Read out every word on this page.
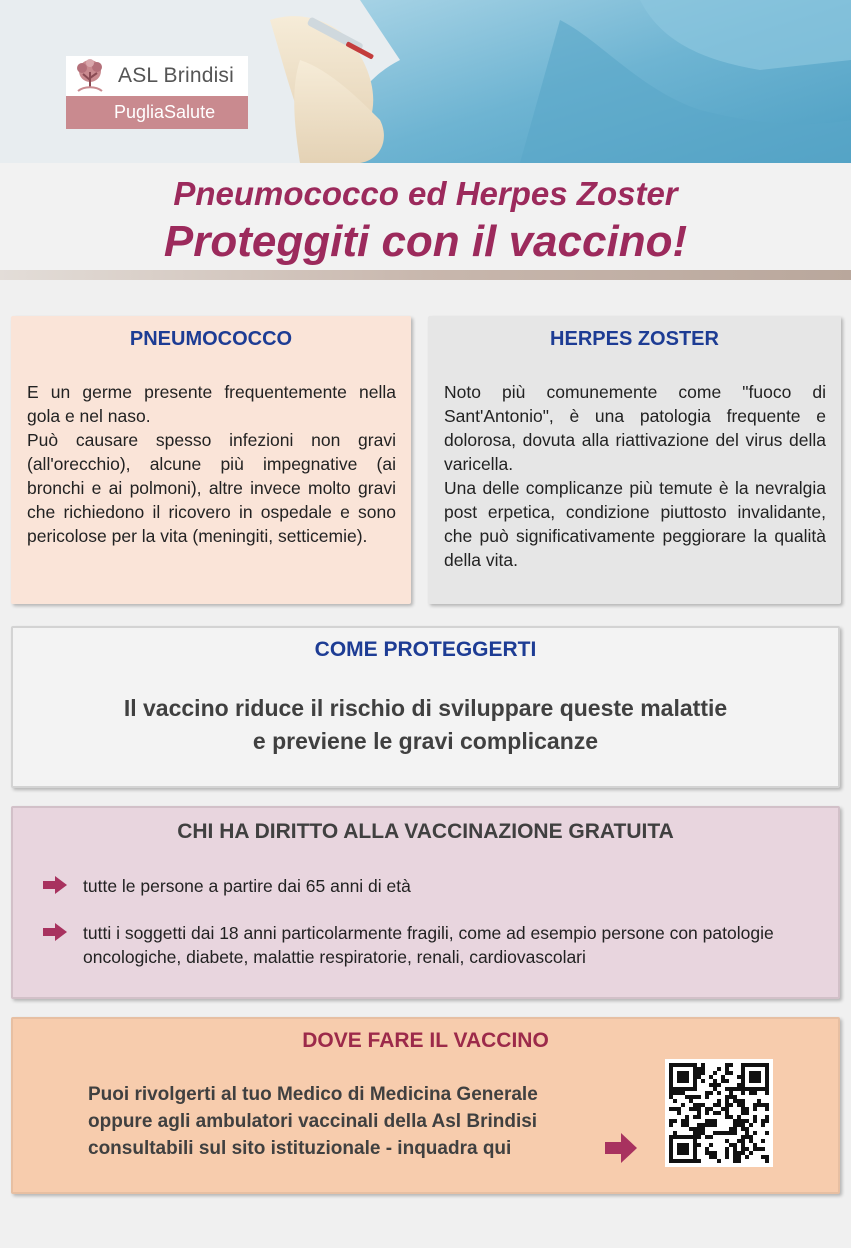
ASL Brindisi
PugliaSalute
Pneumococco ed Herpes Zoster
Proteggiti con il vaccino!
PNEUMOCOCCO
E un germe presente frequentemente nella gola e nel naso.
Può causare spesso infezioni non gravi (all'orecchio), alcune più impegnative (ai bronchi e ai polmoni), altre invece molto gravi che richiedono il ricovero in ospedale e sono pericolose per la vita (meningiti, setticemie).
HERPES ZOSTER
Noto più comunemente come "fuoco di Sant'Antonio", è una patologia frequente e dolorosa, dovuta alla riattivazione del virus della varicella.
Una delle complicanze più temute è la nevralgia post erpetica, condizione piuttosto invalidante, che può significativamente peggiorare la qualità della vita.
COME PROTEGGERTI
Il vaccino riduce il rischio di sviluppare queste malattie
e previene le gravi complicanze
CHI HA DIRITTO ALLA VACCINAZIONE GRATUITA
tutte le persone a partire dai 65 anni di età
tutti i soggetti dai 18 anni particolarmente fragili, come ad esempio persone con patologie oncologiche, diabete, malattie respiratorie, renali, cardiovascolari
DOVE FARE IL VACCINO
Puoi rivolgerti al tuo Medico di Medicina Generale
oppure agli ambulatori vaccinali della Asl Brindisi
consultabili sul sito istituzionale - inquadra qui
